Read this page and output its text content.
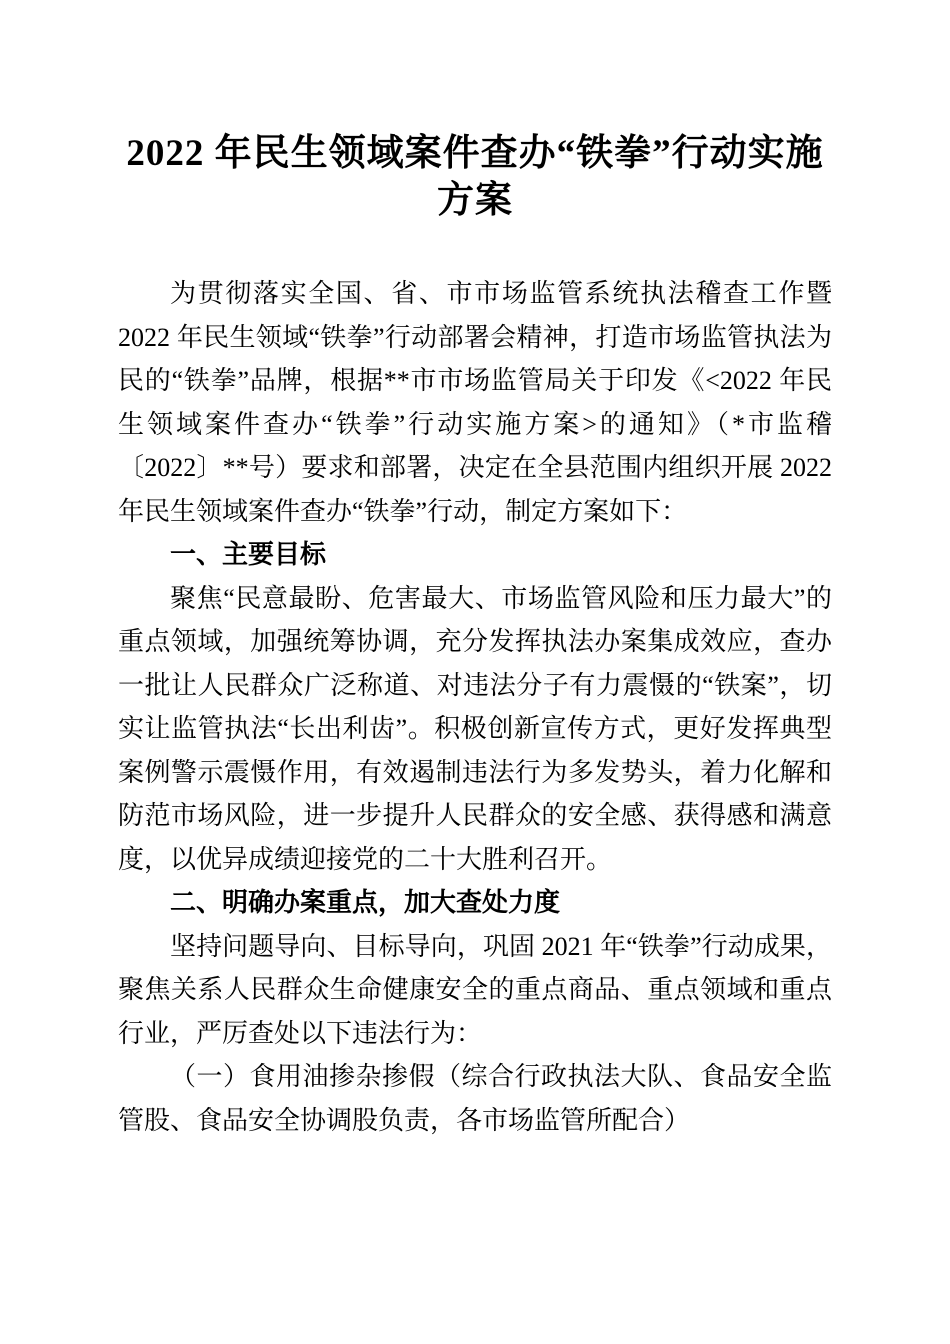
2022 年民生领域案件查办“铁拳”行动实施
方案

为贯彻落实全国、省、市市场监管系统执法稽查工作暨 2022 年民生领域“铁拳”行动部署会精神，打造市场监管执法为民的“铁拳”品牌，根据**市市场监管局关于印发《<2022 年民生领域案件查办“铁拳”行动实施方案>的通知》（*市监稽〔2022〕**号）要求和部署，决定在全县范围内组织开展 2022 年民生领域案件查办“铁拳”行动，制定方案如下：

一、主要目标

聚焦“民意最盼、危害最大、市场监管风险和压力最大”的重点领域，加强统筹协调，充分发挥执法办案集成效应，查办一批让人民群众广泛称道、对违法分子有力震慑的“铁案”，切实让监管执法“长出利齿”。积极创新宣传方式，更好发挥典型案例警示震慑作用，有效遏制违法行为多发势头，着力化解和防范市场风险，进一步提升人民群众的安全感、获得感和满意度，以优异成绩迎接党的二十大胜利召开。

二、明确办案重点，加大查处力度

坚持问题导向、目标导向，巩固 2021 年“铁拳”行动成果，聚焦关系人民群众生命健康安全的重点商品、重点领域和重点行业，严厉查处以下违法行为：

（一）食用油掺杂掺假（综合行政执法大队、食品安全监管股、食品安全协调股负责，各市场监管所配合）
